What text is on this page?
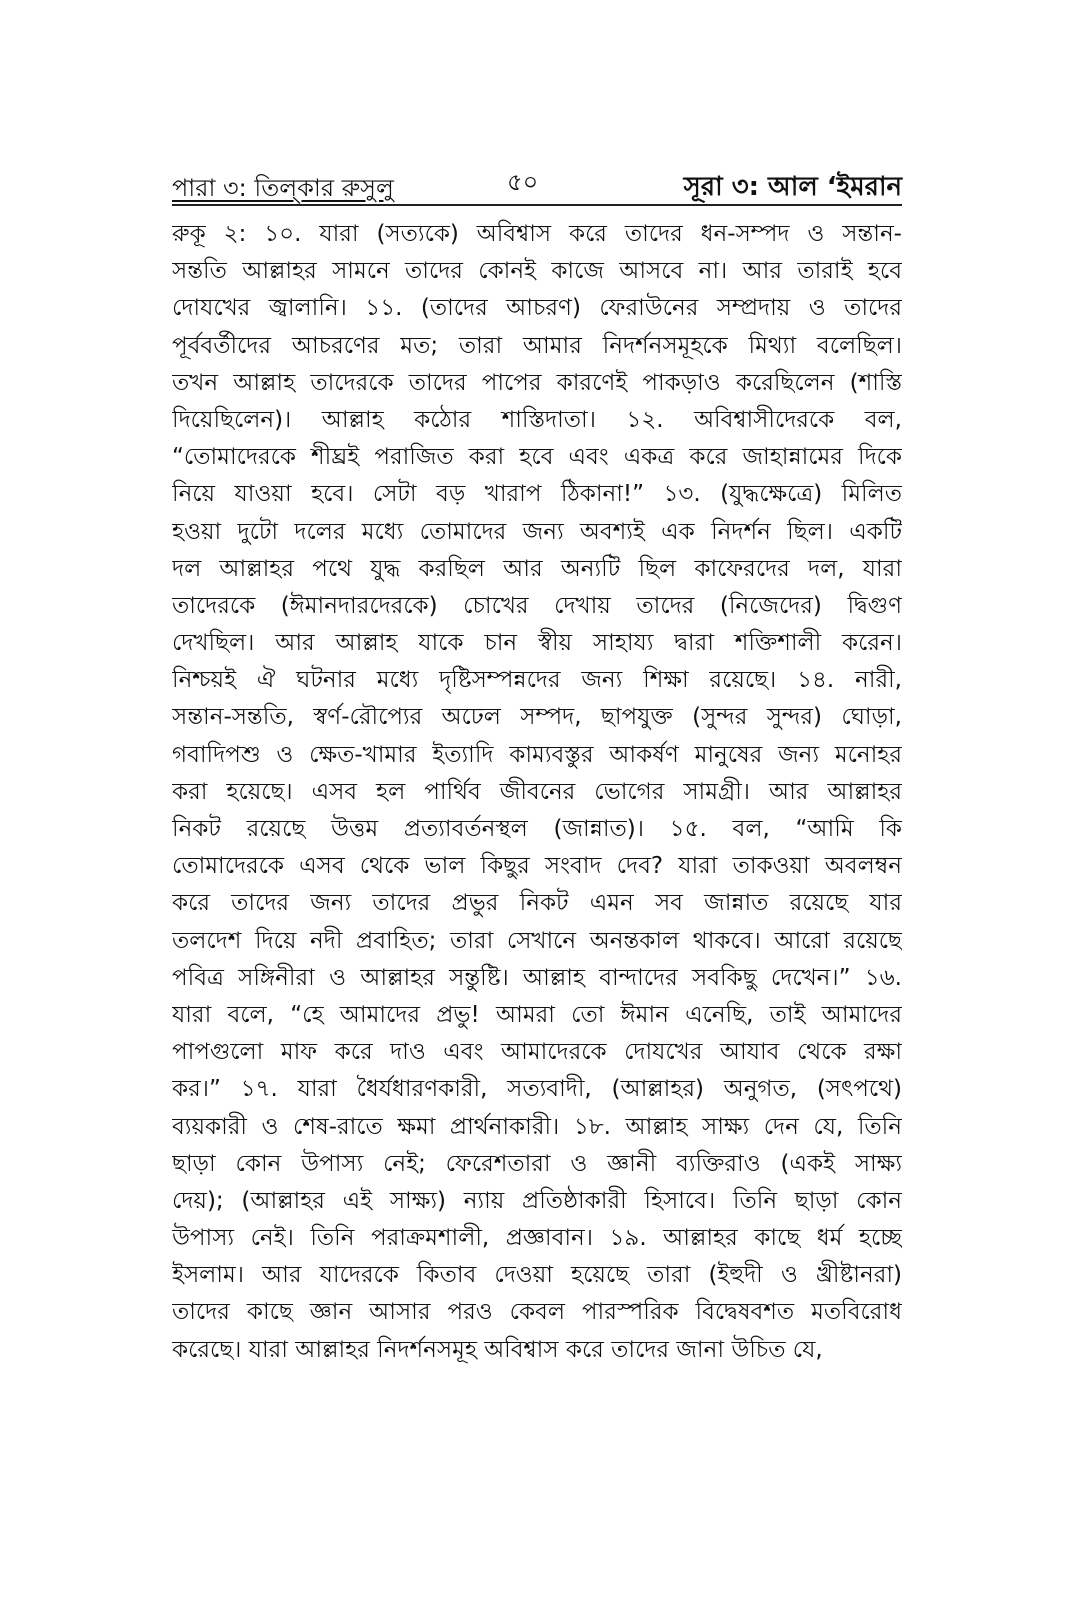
পারা ৩: তিল্‌কার রুসুলু	৫০	সূরা ৩: আল ‘ইমরান
রুকূ ২: ১০. যারা (সত্যকে) অবিশ্বাস করে তাদের ধন-সম্পদ ও সন্তান-
সন্ততি আল্লাহর সামনে তাদের কোনই কাজে আসবে না। আর তারাই হবে
দোযখের জ্বালানি। ১১. (তাদের আচরণ) ফেরাউনের সম্প্রদায় ও তাদের
পূর্ববর্তীদের আচরণের মত; তারা আমার নিদর্শনসমূহকে মিথ্যা বলেছিল।
তখন আল্লাহ তাদেরকে তাদের পাপের কারণেই পাকড়াও করেছিলেন (শাস্তি
দিয়েছিলেন)। আল্লাহ কঠোর শাস্তিদাতা। ১২. অবিশ্বাসীদেরকে বল,
“তোমাদেরকে শীঘ্রই পরাজিত করা হবে এবং একত্র করে জাহান্নামের দিকে
নিয়ে যাওয়া হবে। সেটা বড় খারাপ ঠিকানা!” ১৩. (যুদ্ধক্ষেত্রে) মিলিত
হওয়া দুটো দলের মধ্যে তোমাদের জন্য অবশ্যই এক নিদর্শন ছিল। একটি
দল আল্লাহর পথে যুদ্ধ করছিল আর অন্যটি ছিল কাফেরদের দল, যারা
তাদেরকে (ঈমানদারদেরকে) চোখের দেখায় তাদের (নিজেদের) দ্বিগুণ
দেখছিল। আর আল্লাহ যাকে চান স্বীয় সাহায্য দ্বারা শক্তিশালী করেন।
নিশ্চয়ই ঐ ঘটনার মধ্যে দৃষ্টিসম্পন্নদের জন্য শিক্ষা রয়েছে। ১৪. নারী,
সন্তান-সন্ততি, স্বর্ণ-রৌপ্যের অঢেল সম্পদ, ছাপযুক্ত (সুন্দর সুন্দর) ঘোড়া,
গবাদিপশু ও ক্ষেত-খামার ইত্যাদি কাম্যবস্তুর আকর্ষণ মানুষের জন্য মনোহর
করা হয়েছে। এসব হল পার্থিব জীবনের ভোগের সামগ্রী। আর আল্লাহর
নিকট রয়েছে উত্তম প্রত্যাবর্তনস্থল (জান্নাত)। ১৫. বল, “আমি কি
তোমাদেরকে এসব থেকে ভাল কিছুর সংবাদ দেব? যারা তাকওয়া অবলম্বন
করে তাদের জন্য তাদের প্রভুর নিকট এমন সব জান্নাত রয়েছে যার
তলদেশ দিয়ে নদী প্রবাহিত; তারা সেখানে অনন্তকাল থাকবে। আরো রয়েছে
পবিত্র সঙ্গিনীরা ও আল্লাহর সন্তুষ্টি। আল্লাহ বান্দাদের সবকিছু দেখেন।” ১৬.
যারা বলে, “হে আমাদের প্রভু! আমরা তো ঈমান এনেছি, তাই আমাদের
পাপগুলো মাফ করে দাও এবং আমাদেরকে দোযখের আযাব থেকে রক্ষা
কর।” ১৭. যারা ধৈর্যধারণকারী, সত্যবাদী, (আল্লাহর) অনুগত, (সৎপথে)
ব্যয়কারী ও শেষ-রাতে ক্ষমা প্রার্থনাকারী। ১৮. আল্লাহ সাক্ষ্য দেন যে, তিনি
ছাড়া কোন উপাস্য নেই; ফেরেশতারা ও জ্ঞানী ব্যক্তিরাও (একই সাক্ষ্য
দেয়); (আল্লাহর এই সাক্ষ্য) ন্যায় প্রতিষ্ঠাকারী হিসাবে। তিনি ছাড়া কোন
উপাস্য নেই। তিনি পরাক্রমশালী, প্রজ্ঞাবান। ১৯. আল্লাহর কাছে ধর্ম হচ্ছে
ইসলাম। আর যাদেরকে কিতাব দেওয়া হয়েছে তারা (ইহুদী ও খ্রীষ্টানরা)
তাদের কাছে জ্ঞান আসার পরও কেবল পারস্পরিক বিদ্বেষবশত মতবিরোধ
করেছে। যারা আল্লাহর নিদর্শনসমূহ অবিশ্বাস করে তাদের জানা উচিত যে,
